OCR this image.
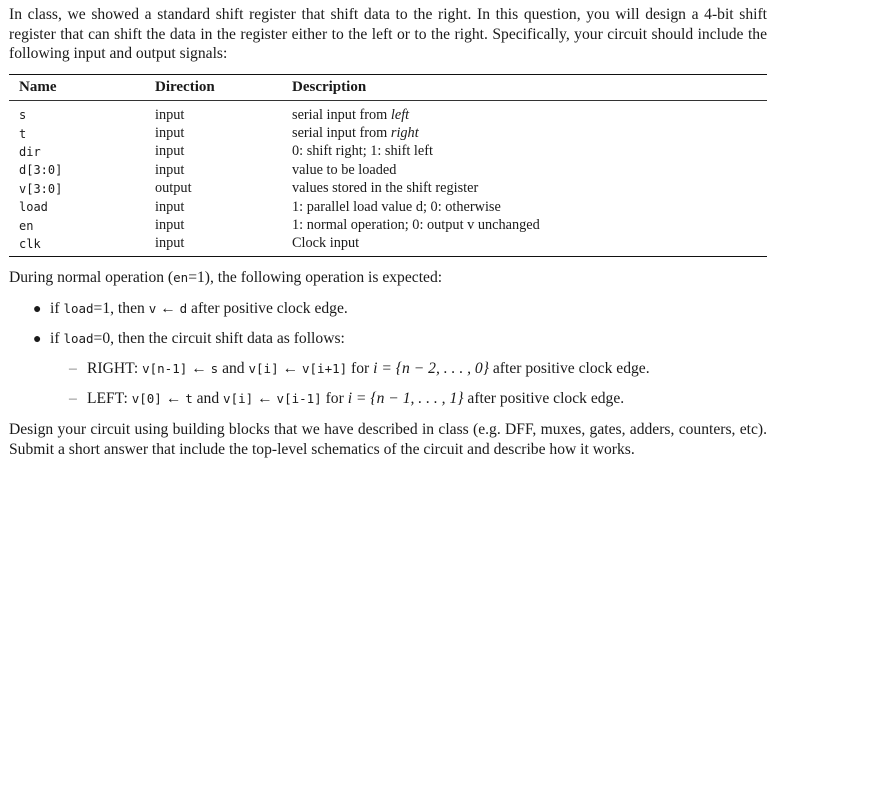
In class, we showed a standard shift register that shift data to the right. In this question, you will design a 4-bit shift register that can shift the data in the register either to the left or to the right. Specifically, your circuit should include the following input and output signals:

Name	Direction	Description
s	input	serial input from left
t	input	serial input from right
dir	input	0: shift right; 1: shift left
d[3:0]	input	value to be loaded
v[3:0]	output	values stored in the shift register
load	input	1: parallel load value d; 0: otherwise
en	input	1: normal operation; 0: output v unchanged
clk	input	Clock input

During normal operation (en=1), the following operation is expected:

● if load=1, then v ← d after positive clock edge.
● if load=0, then the circuit shift data as follows:
– RIGHT: v[n-1] ← s and v[i] ← v[i+1] for i = {n − 2, . . . , 0} after positive clock edge.
– LEFT: v[0] ← t and v[i] ← v[i-1] for i = {n − 1, . . . , 1} after positive clock edge.

Design your circuit using building blocks that we have described in class (e.g. DFF, muxes, gates, adders, counters, etc). Submit a short answer that include the top-level schematics of the circuit and describe how it works.
